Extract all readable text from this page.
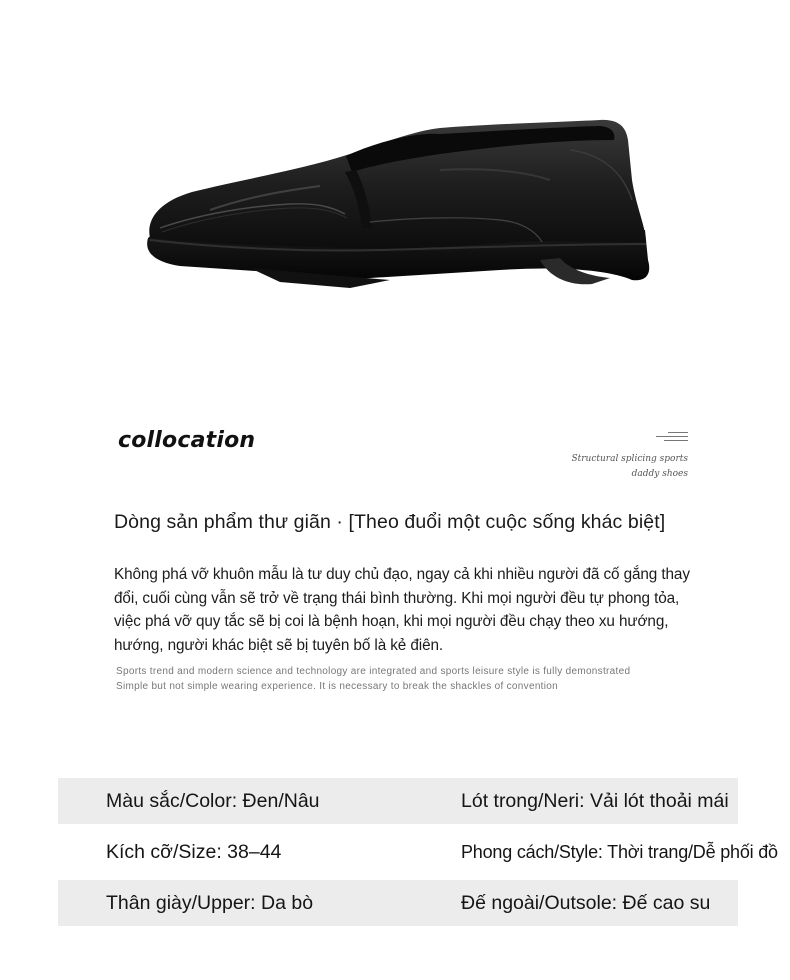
collocation
Structural splicing sports
daddy shoes
Dòng sản phẩm thư giãn · [Theo đuổi một cuộc sống khác biệt]

Không phá vỡ khuôn mẫu là tư duy chủ đạo, ngay cả khi nhiều người đã cố gắng thay

đổi, cuối cùng vẫn sẽ trở về trạng thái bình thường. Khi mọi người đều tự phong tỏa,

việc phá vỡ quy tắc sẽ bị coi là bệnh hoạn, khi mọi người đều chạy theo xu hướng,

hướng, người khác biệt sẽ bị tuyên bố là kẻ điên.

Sports trend and modern science and technology are integrated and sports leisure style is fully demonstrated
Simple but not simple wearing experience. It is necessary to break the shackles of convention
Màu sắc/Color: Đen/Nâu	Lót trong/Neri: Vải lót thoải mái
Kích cỡ/Size: 38–44	Phong cách/Style: Thời trang/Dễ phối đồ
Thân giày/Upper: Da bò	Đế ngoài/Outsole: Đế cao su
